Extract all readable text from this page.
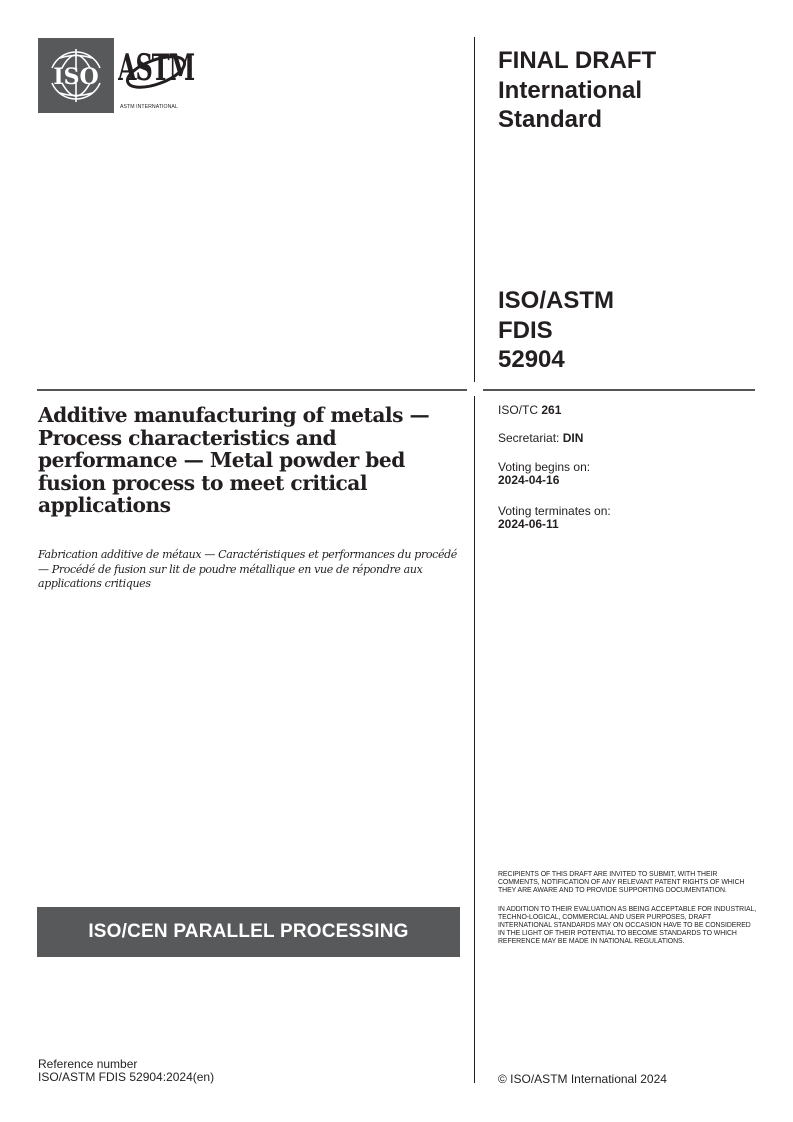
ISO ASTM
ASTM INTERNATIONAL
FINAL DRAFT
International
Standard
ISO/ASTM
FDIS
52904
Additive manufacturing of metals — Process characteristics and performance — Metal powder bed fusion process to meet critical applications
Fabrication additive de métaux — Caractéristiques et performances du procédé — Procédé de fusion sur lit de poudre métallique en vue de répondre aux applications critiques
ISO/TC 261
Secretariat: DIN
Voting begins on:
2024-04-16
Voting terminates on:
2024-06-11
RECIPIENTS OF THIS DRAFT ARE INVITED TO SUBMIT, WITH THEIR COMMENTS, NOTIFICATION OF ANY RELEVANT PATENT RIGHTS OF WHICH THEY ARE AWARE AND TO PROVIDE SUPPORTING DOCUMENTATION.
IN ADDITION TO THEIR EVALUATION AS BEING ACCEPTABLE FOR INDUSTRIAL, TECHNO-LOGICAL, COMMERCIAL AND USER PURPOSES, DRAFT INTERNATIONAL STANDARDS MAY ON OCCASION HAVE TO BE CONSIDERED IN THE LIGHT OF THEIR POTENTIAL TO BECOME STANDARDS TO WHICH REFERENCE MAY BE MADE IN NATIONAL REGULATIONS.
ISO/CEN PARALLEL PROCESSING
Reference number
ISO/ASTM FDIS 52904:2024(en)	© ISO/ASTM International 2024
